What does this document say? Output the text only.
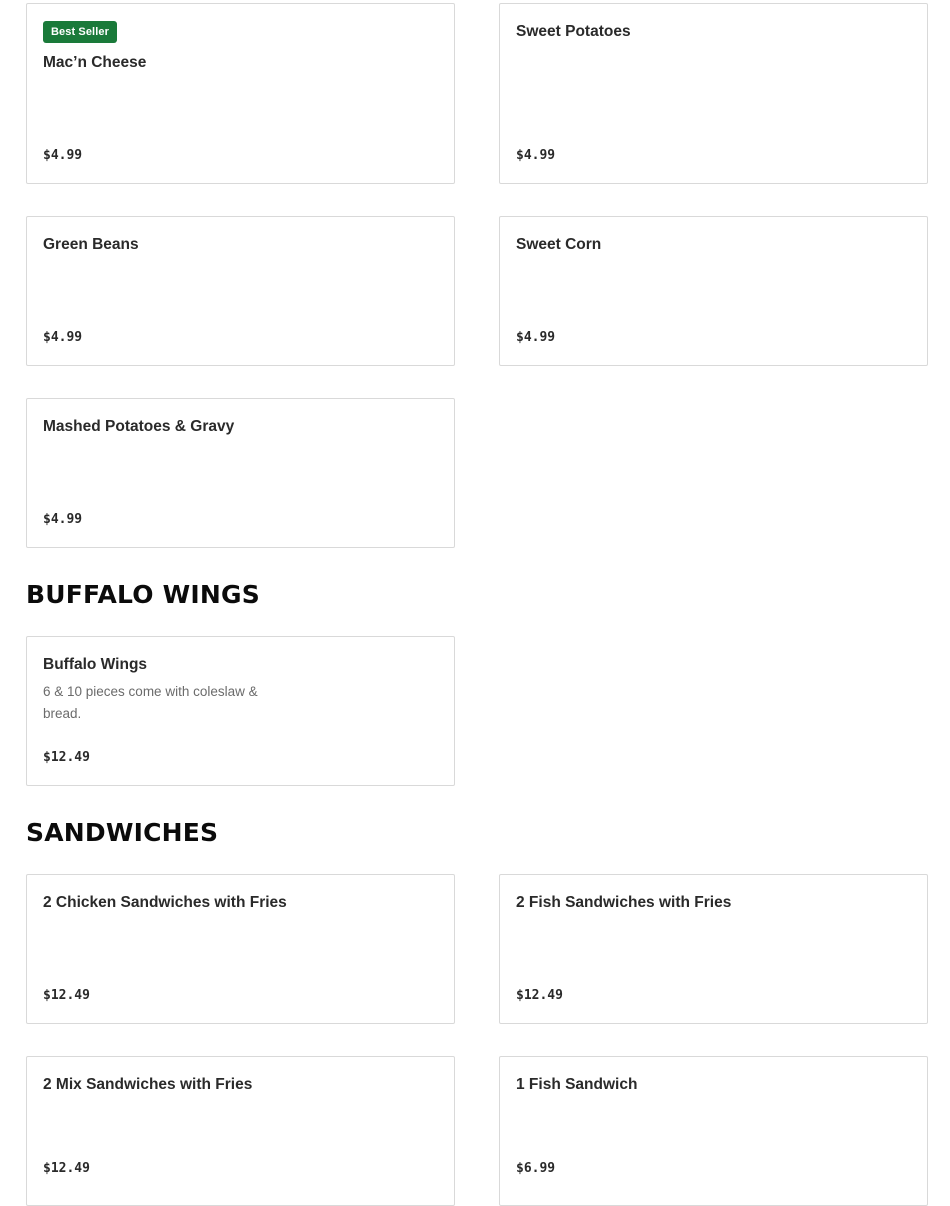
Best Seller
Mac’n Cheese
$4.99
Sweet Potatoes
$4.99
Green Beans
$4.99
Sweet Corn
$4.99
Mashed Potatoes & Gravy
$4.99
BUFFALO WINGS
Buffalo Wings
6 & 10 pieces come with coleslaw & bread.
$12.49
SANDWICHES
2 Chicken Sandwiches with Fries
$12.49
2 Fish Sandwiches with Fries
$12.49
2 Mix Sandwiches with Fries
$12.49
1 Fish Sandwich
$6.99
